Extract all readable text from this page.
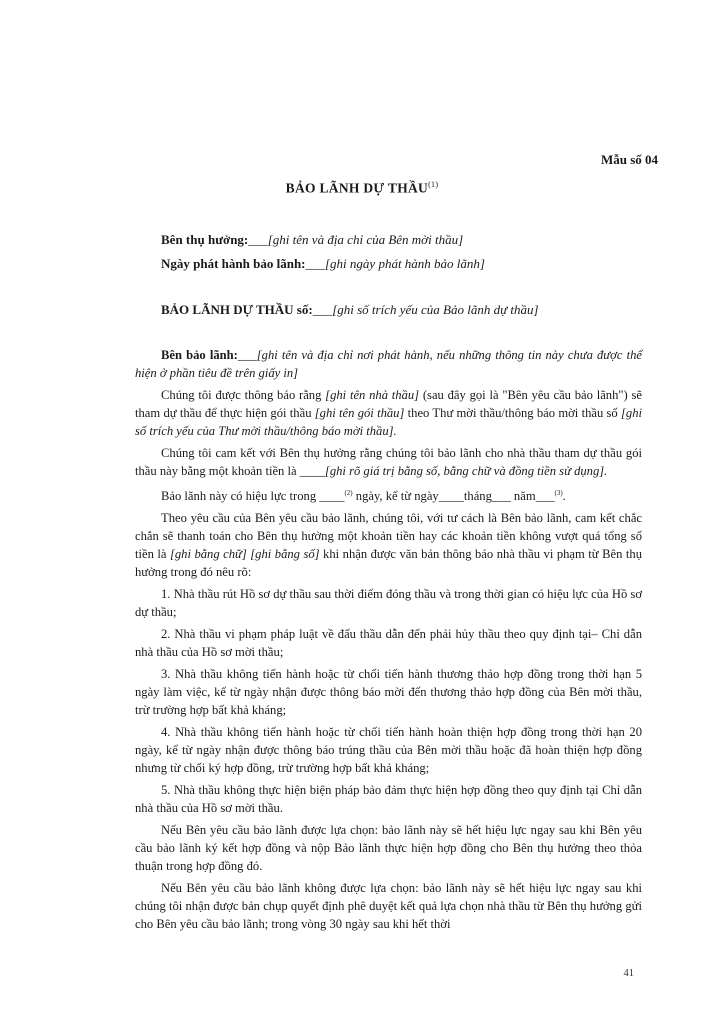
Mẫu số 04
BẢO LÃNH DỰ THẦU$^{(1)}$
Bên thụ hưởng:___[ghi tên và địa chỉ của Bên mời thầu]
Ngày phát hành bảo lãnh:___[ghi ngày phát hành bảo lãnh]
BẢO LÃNH DỰ THẦU số:___[ghi số trích yếu của Bảo lãnh dự thầu]

Bên bảo lãnh:___[ghi tên và địa chỉ nơi phát hành, nếu những thông tin này chưa được thể hiện ở phần tiêu đề trên giấy in]

Chúng tôi được thông báo rằng [ghi tên nhà thầu] (sau đây gọi là "Bên yêu cầu bảo lãnh") sẽ tham dự thầu để thực hiện gói thầu [ghi tên gói thầu] theo Thư mời thầu/thông báo mời thầu số [ghi số trích yếu của Thư mời thầu/thông báo mời thầu].

Chúng tôi cam kết với Bên thụ hưởng rằng chúng tôi bảo lãnh cho nhà thầu tham dự thầu gói thầu này bằng một khoản tiền là ____[ghi rõ giá trị bằng số, bằng chữ và đồng tiền sử dụng].

Bảo lãnh này có hiệu lực trong ____$^{(2)}$ ngày, kể từ ngày____tháng___ năm___$^{(3)}$.

Theo yêu cầu của Bên yêu cầu bảo lãnh, chúng tôi, với tư cách là Bên bảo lãnh, cam kết chắc chắn sẽ thanh toán cho Bên thụ hưởng một khoản tiền hay các khoản tiền không vượt quá tổng số tiền là [ghi bằng chữ] [ghi bằng số] khi nhận được văn bản thông báo nhà thầu vi phạm từ Bên thụ hưởng trong đó nêu rõ:

1. Nhà thầu rút Hồ sơ dự thầu sau thời điểm đóng thầu và trong thời gian có hiệu lực của Hồ sơ dự thầu;

2. Nhà thầu vi phạm pháp luật về đấu thầu dẫn đến phải hủy thầu theo quy định tại– Chỉ dẫn nhà thầu của Hồ sơ mời thầu;

3. Nhà thầu không tiến hành hoặc từ chối tiến hành thương thảo hợp đồng trong thời hạn 5 ngày làm việc, kể từ ngày nhận được thông báo mời đến thương thảo hợp đồng của Bên mời thầu, trừ trường hợp bất khả kháng;

4. Nhà thầu không tiến hành hoặc từ chối tiến hành hoàn thiện hợp đồng trong thời hạn 20 ngày, kể từ ngày nhận được thông báo trúng thầu của Bên mời thầu hoặc đã hoàn thiện hợp đồng nhưng từ chối ký hợp đồng, trừ trường hợp bất khả kháng;

5. Nhà thầu không thực hiện biện pháp bảo đảm thực hiện hợp đồng theo quy định tại Chỉ dẫn nhà thầu của Hồ sơ mời thầu.

Nếu Bên yêu cầu bảo lãnh được lựa chọn: bảo lãnh này sẽ hết hiệu lực ngay sau khi Bên yêu cầu bảo lãnh ký kết hợp đồng và nộp Bảo lãnh thực hiện hợp đồng cho Bên thụ hưởng theo thỏa thuận trong hợp đồng đó.

Nếu Bên yêu cầu bảo lãnh không được lựa chọn: bảo lãnh này sẽ hết hiệu lực ngay sau khi chúng tôi nhận được bản chụp quyết định phê duyệt kết quả lựa chọn nhà thầu từ Bên thụ hưởng gửi cho Bên yêu cầu bảo lãnh; trong vòng 30 ngày sau khi hết thời

41
